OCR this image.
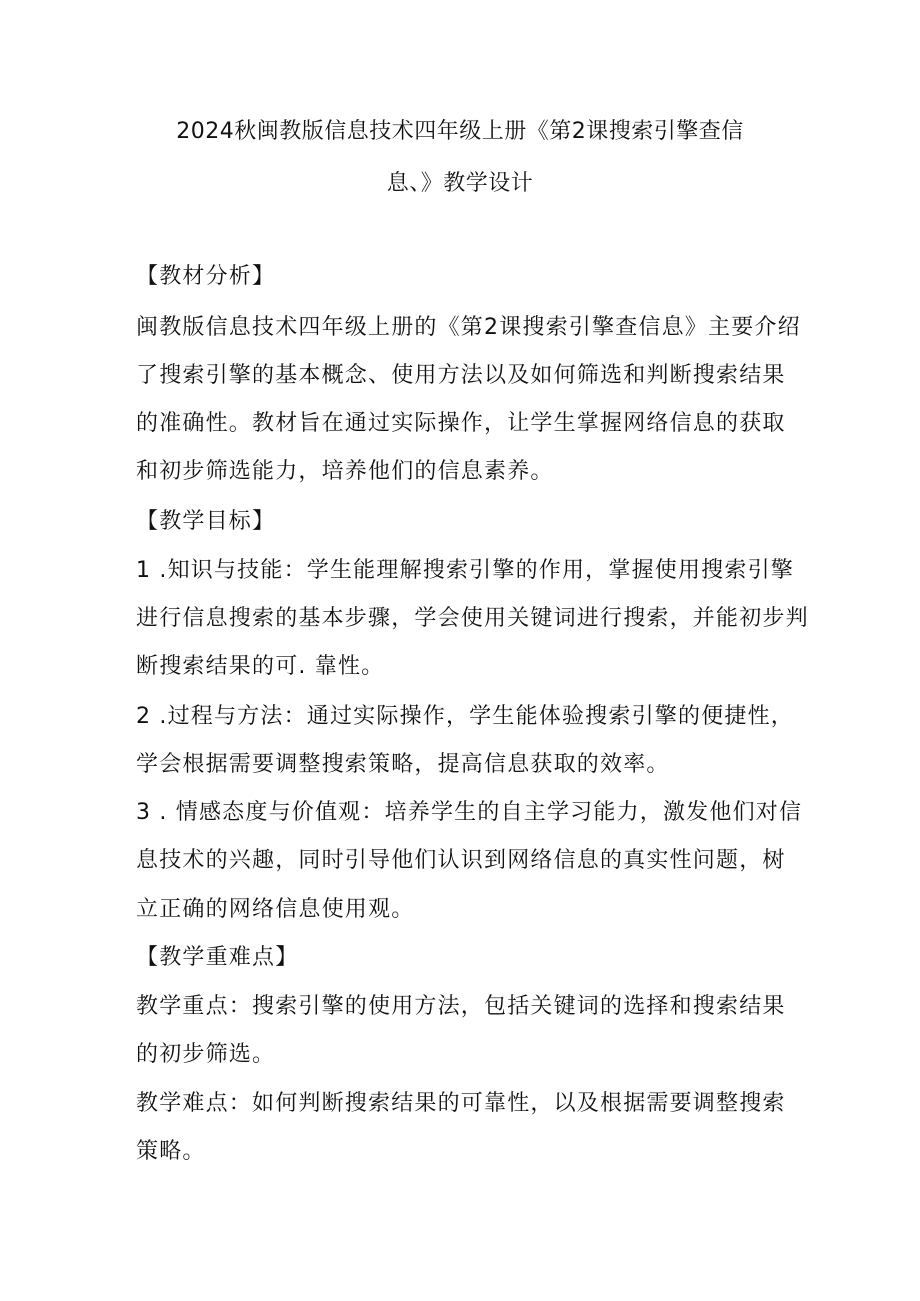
2024秋闽教版信息技术四年级上册《第2课搜索引擎查信
息、》教学设计
【教材分析】
闽教版信息技术四年级上册的《第2课搜索引擎查信息》主要介绍
了搜索引擎的基本概念、使用方法以及如何筛选和判断搜索结果
的准确性。教材旨在通过实际操作，让学生掌握网络信息的获取
和初步筛选能力，培养他们的信息素养。
【教学目标】
1 .知识与技能：学生能理解搜索引擎的作用，掌握使用搜索引擎
进行信息搜索的基本步骤，学会使用关键词进行搜索，并能初步判
断搜索结果的可. 靠性。
2 .过程与方法：通过实际操作，学生能体验搜索引擎的便捷性，
学会根据需要调整搜索策略，提高信息获取的效率。
3 . 情感态度与价值观：培养学生的自主学习能力，激发他们对信
息技术的兴趣，同时引导他们认识到网络信息的真实性问题，树
立正确的网络信息使用观。
【教学重难点】
教学重点：搜索引擎的使用方法，包括关键词的选择和搜索结果
的初步筛选。
教学难点：如何判断搜索结果的可靠性，以及根据需要调整搜索
策略。
